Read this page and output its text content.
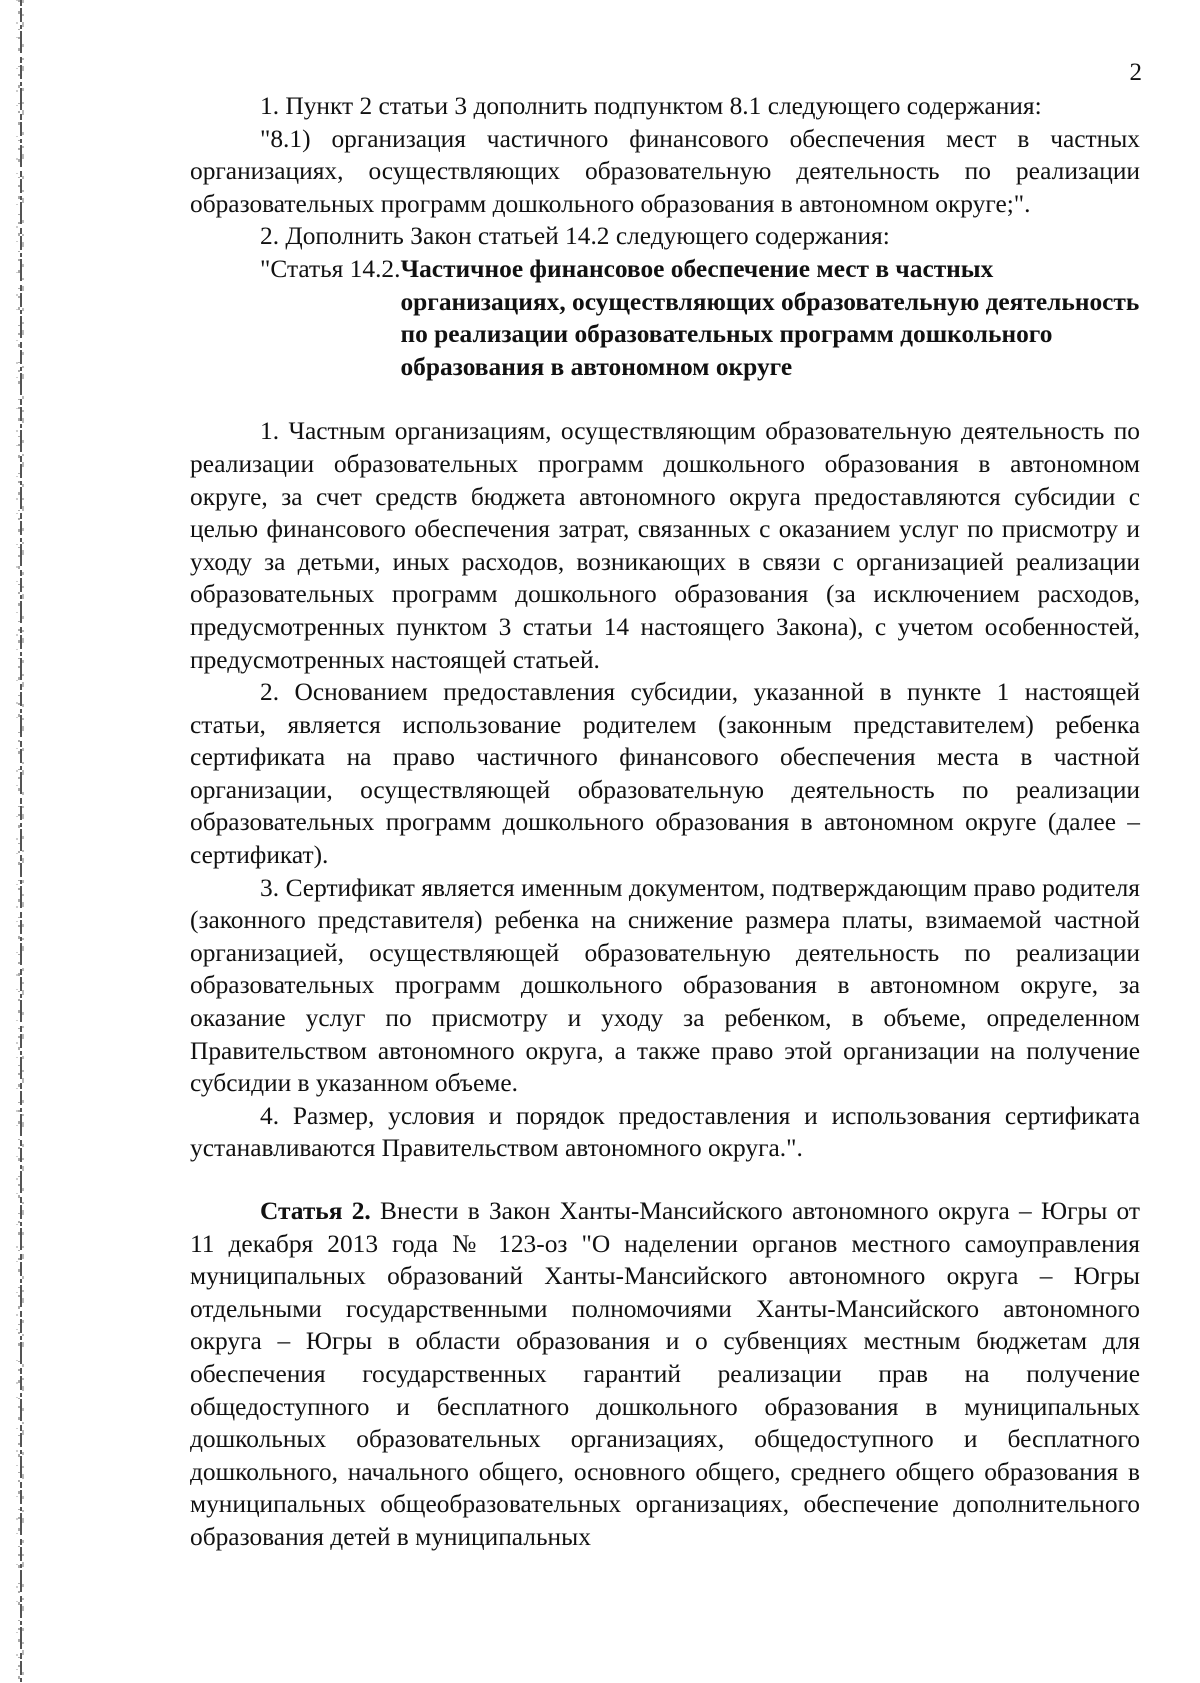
2

1. Пункт 2 статьи 3 дополнить подпунктом 8.1 следующего содержания:

"8.1) организация частичного финансового обеспечения мест в частных организациях, осуществляющих образовательную деятельность по реализации образовательных программ дошкольного образования в автономном округе;".

2. Дополнить Закон статьей 14.2 следующего содержания:

"Статья 14.2. Частичное финансовое обеспечение мест в частных организациях, осуществляющих образовательную деятельность по реализации образовательных программ дошкольного образования в автономном округе

1. Частным организациям, осуществляющим образовательную деятельность по реализации образовательных программ дошкольного образования в автономном округе, за счет средств бюджета автономного округа предоставляются субсидии с целью финансового обеспечения затрат, связанных с оказанием услуг по присмотру и уходу за детьми, иных расходов, возникающих в связи с организацией реализации образовательных программ дошкольного образования (за исключением расходов, предусмотренных пунктом 3 статьи 14 настоящего Закона), с учетом особенностей, предусмотренных настоящей статьей.

2. Основанием предоставления субсидии, указанной в пункте 1 настоящей статьи, является использование родителем (законным представителем) ребенка сертификата на право частичного финансового обеспечения места в частной организации, осуществляющей образовательную деятельность по реализации образовательных программ дошкольного образования в автономном округе (далее – сертификат).

3. Сертификат является именным документом, подтверждающим право родителя (законного представителя) ребенка на снижение размера платы, взимаемой частной организацией, осуществляющей образовательную деятельность по реализации образовательных программ дошкольного образования в автономном округе, за оказание услуг по присмотру и уходу за ребенком, в объеме, определенном Правительством автономного округа, а также право этой организации на получение субсидии в указанном объеме.

4. Размер, условия и порядок предоставления и использования сертификата устанавливаются Правительством автономного округа.".

Статья 2. Внести в Закон Ханты-Мансийского автономного округа – Югры от 11 декабря 2013 года № 123-оз "О наделении органов местного самоуправления муниципальных образований Ханты-Мансийского автономного округа – Югры отдельными государственными полномочиями Ханты-Мансийского автономного округа – Югры в области образования и о субвенциях местным бюджетам для обеспечения государственных гарантий реализации прав на получение общедоступного и бесплатного дошкольного образования в муниципальных дошкольных образовательных организациях, общедоступного и бесплатного дошкольного, начального общего, основного общего, среднего общего образования в муниципальных общеобразовательных организациях, обеспечение дополнительного образования детей в муниципальных
